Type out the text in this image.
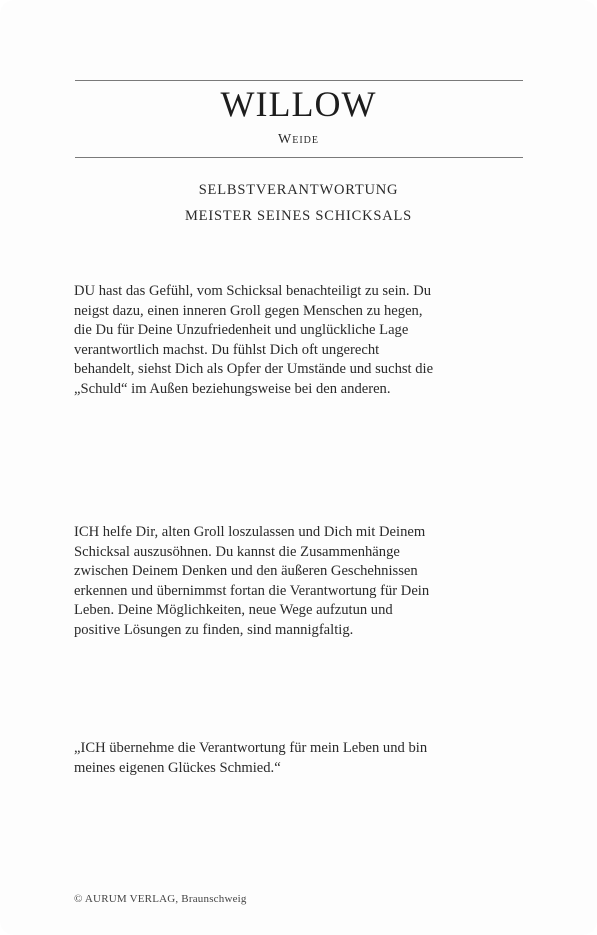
WILLOW
Weide
SELBSTVERANTWORTUNG
MEISTER SEINES SCHICKSALS
DU hast das Gefühl, vom Schicksal benachteiligt zu sein. Du
neigst dazu, einen inneren Groll gegen Menschen zu hegen,
die Du für Deine Unzufriedenheit und unglückliche Lage
verantwortlich machst. Du fühlst Dich oft ungerecht
behandelt, siehst Dich als Opfer der Umstände und suchst die
„Schuld“ im Außen beziehungsweise bei den anderen.
ICH helfe Dir, alten Groll loszulassen und Dich mit Deinem
Schicksal auszusöhnen. Du kannst die Zusammenhänge
zwischen Deinem Denken und den äußeren Geschehnissen
erkennen und übernimmst fortan die Verantwortung für Dein
Leben. Deine Möglichkeiten, neue Wege aufzutun und
positive Lösungen zu finden, sind mannigfaltig.
„ICH übernehme die Verantwortung für mein Leben und bin
meines eigenen Glückes Schmied.“
© AURUM VERLAG, Braunschweig
